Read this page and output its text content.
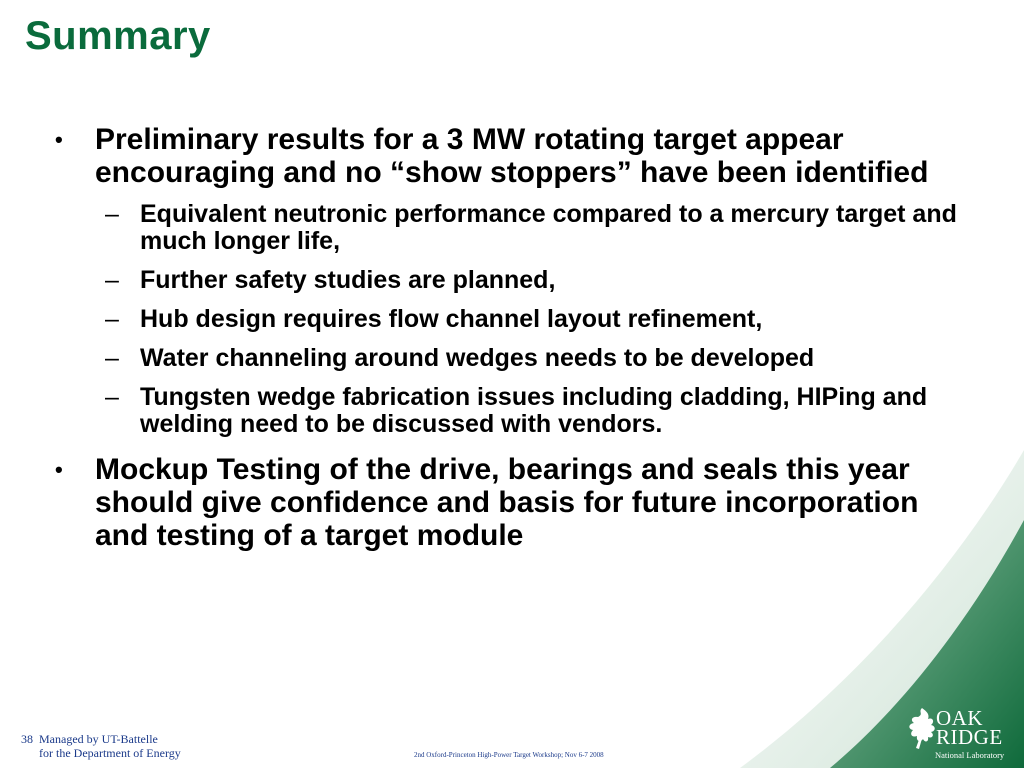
Summary
• Preliminary results for a 3 MW rotating target appear encouraging and no “show stoppers” have been identified
– Equivalent neutronic performance compared to a mercury target and much longer life,
– Further safety studies are planned,
– Hub design requires flow channel layout refinement,
– Water channeling around wedges needs to be developed
– Tungsten wedge fabrication issues including cladding, HIPing and welding need to be discussed with vendors.
• Mockup Testing of the drive, bearings and seals this year should give confidence and basis for future incorporation and testing of a target module
38 Managed by UT-Battelle
for the Department of Energy	2nd Oxford-Princeton High-Power Target Workshop; Nov 6-7 2008
OAK
RIDGE
National Laboratory
